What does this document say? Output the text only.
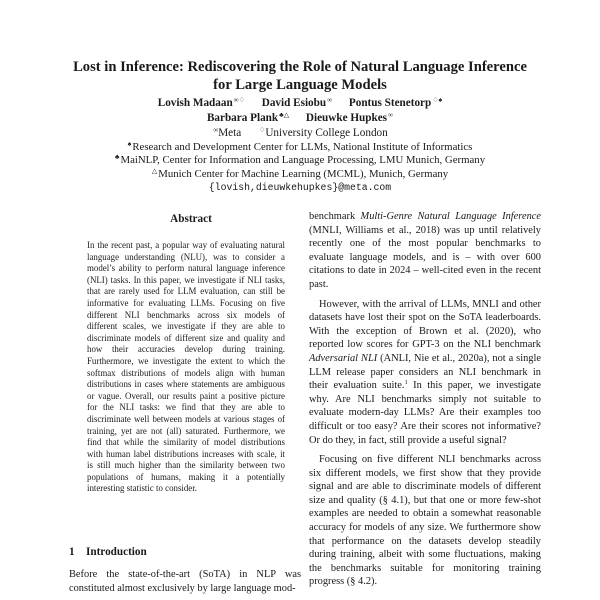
Lost in Inference: Rediscovering the Role of Natural Language Inference
for Large Language Models
Lovish Madaan∞♢ David Esiobu∞ Pontus Stenetorp♢♠
Barbara Plank♣△ Dieuwke Hupkes∞
∞Meta	♢University College London
♠Research and Development Center for LLMs, National Institute of Informatics
♣MaiNLP, Center for Information and Language Processing, LMU Munich, Germany
△Munich Center for Machine Learning (MCML), Munich, Germany
{lovish,dieuwkehupkes}@meta.com
Abstract
In the recent past, a popular way of evaluating natural language understanding (NLU), was to consider a model’s ability to perform natural language inference (NLI) tasks. In this paper, we investigate if NLI tasks, that are rarely used for LLM evaluation, can still be informative for evaluating LLMs. Focusing on five different NLI benchmarks across six models of different scales, we investigate if they are able to discriminate models of different size and quality and how their accuracies develop during training. Furthermore, we investigate the extent to which the softmax distributions of models align with human distributions in cases where statements are ambiguous or vague. Overall, our results paint a positive picture for the NLI tasks: we find that they are able to discriminate well between models at various stages of training, yet are not (all) saturated. Furthermore, we find that while the similarity of model distributions with human label distributions increases with scale, it is still much higher than the similarity between two populations of humans, making it a potentially interesting statistic to consider.
1 Introduction
Before the state-of-the-art (SoTA) in NLP was constituted almost exclusively by large language mod-

benchmark Multi-Genre Natural Language Inference (MNLI, Williams et al., 2018) was up until relatively recently one of the most popular benchmarks to evaluate language models, and is – with over 600 citations to date in 2024 – well-cited even in the recent past.

However, with the arrival of LLMs, MNLI and other datasets have lost their spot on the SoTA leaderboards. With the exception of Brown et al. (2020), who reported low scores for GPT-3 on the NLI benchmark Adversarial NLI (ANLI, Nie et al., 2020a), not a single LLM release paper considers an NLI benchmark in their evaluation suite.$^1$ In this paper, we investigate why. Are NLI benchmarks simply not suitable to evaluate modern-day LLMs? Are their examples too difficult or too easy? Are their scores not informative? Or do they, in fact, still provide a useful signal?

Focusing on five different NLI benchmarks across six different models, we first show that they provide signal and are able to discriminate models of different size and quality (§ 4.1), but that one or more few-shot examples are needed to obtain a somewhat reasonable accuracy for models of any size. We furthermore show that performance on the datasets develop steadily during training, albeit with some fluctuations, making the benchmarks suitable for monitoring training progress (§ 4.2).
